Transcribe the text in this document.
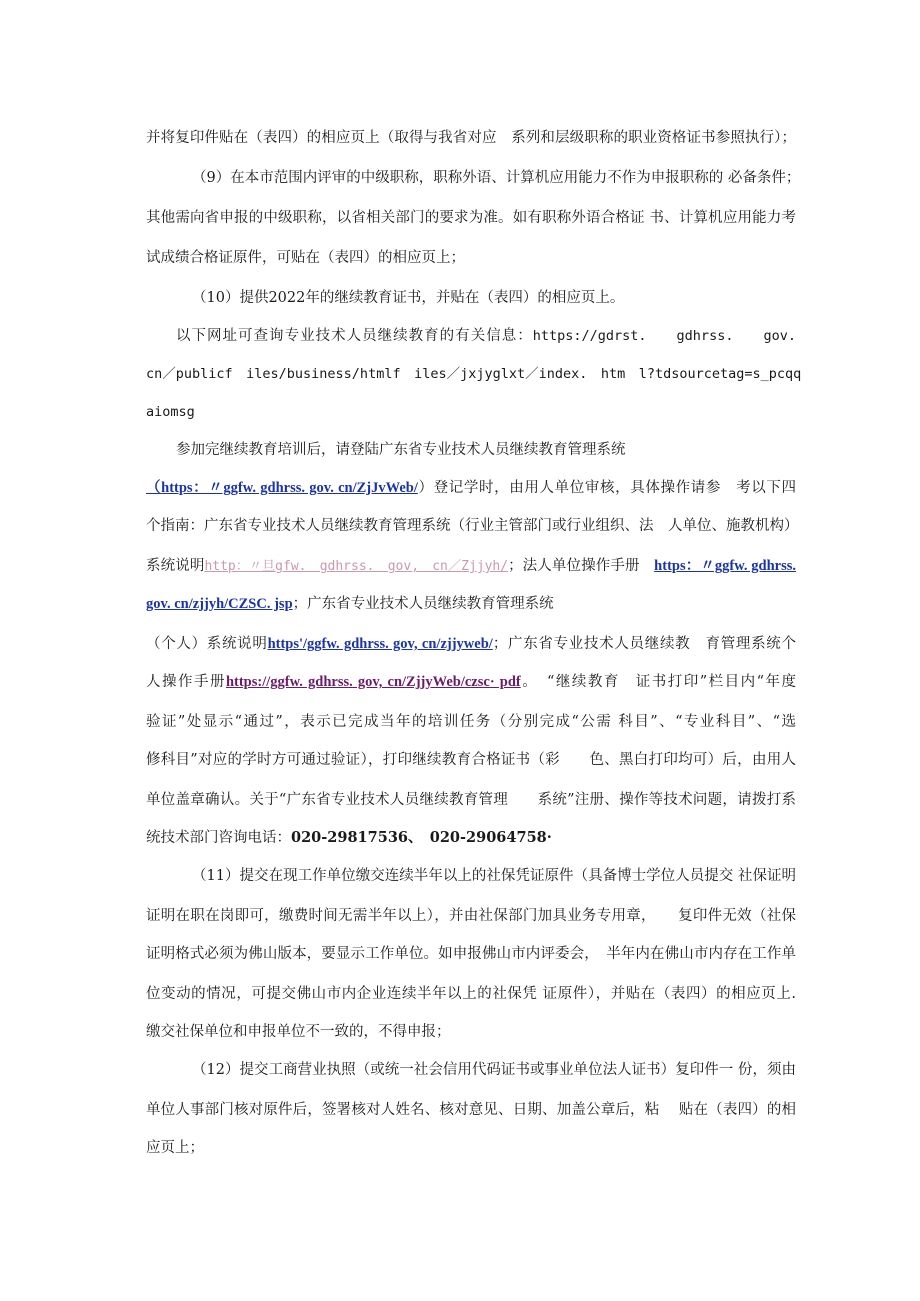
并将复印件贴在（表四）的相应页上（取得与我省对应　系列和层级职称的职业资格证书参照执行）；
（9）在本市范围内评审的中级职称，职称外语、计算机应用能力不作为申报职称的 必备条件；
其他需向省申报的中级职称，以省相关部门的要求为准。如有职称外语合格证 书、计算机应用能力考
试成绩合格证原件，可贴在（表四）的相应页上；
（10）提供2022年的继续教育证书，并贴在（表四）的相应页上。
以下网址可查询专业技术人员继续教育的有关信息：https://gdrst.　　gdhrss.　　gov.
cn／publicf　iles/business/htmlf　iles／jxjyglxt／index.　htm　l?tdsourcetag=s_pcqq
aiomsg
参加完继续教育培训后，请登陆广东省专业技术人员继续教育管理系统
（https：〃ggfw. gdhrss. gov. cn/ZjJvWeb/）登记学时，由用人单位审核，具体操作请参　考以下四
个指南：广东省专业技术人员继续教育管理系统（行业主管部门或行业组织、法　人单位、施教机构）
系统说明http：〃旦gfw.　gdhrss.　gov,　cn／Zjjyh/；法人单位操作手册　https：〃ggfw. gdhrss.
gov. cn/zjjyh/CZSC. jsp；广东省专业技术人员继续教育管理系统
（个人）系统说明https'/ggfw. gdhrss. gov, cn/zjjyweb/；广东省专业技术人员继续教　育管理系统个
人操作手册https://ggfw. gdhrss. gov, cn/ZjjyWeb/czsc· pdf。　“继续教育　证书打印”栏目内“年度
验证”处显示“通过”，表示已完成当年的培训任务（分别完成“公需 科目”、“专业科目”、“选
修科目”对应的学时方可通过验证），打印继续教育合格证书（彩　　色、黑白打印均可）后，由用人
单位盖章确认。关于“广东省专业技术人员继续教育管理　　系统”注册、操作等技术问题，请拨打系
统技术部门咨询电话：020-29817536、　020-29064758·
（11）提交在现工作单位缴交连续半年以上的社保凭证原件（具备博士学位人员提交 社保证明
证明在职在岗即可，缴费时间无需半年以上），并由社保部门加具业务专用章，　　复印件无效（社保
证明格式必须为佛山版本，要显示工作单位。如申报佛山市内评委会，　半年内在佛山市内存在工作单
位变动的情况，可提交佛山市内企业连续半年以上的社保凭 证原件），并贴在（表四）的相应页上.
缴交社保单位和申报单位不一致的，不得申报；
（12）提交工商营业执照（或统一社会信用代码证书或事业单位法人证书）复印件一 份，须由
单位人事部门核对原件后，签署核对人姓名、核对意见、日期、加盖公章后，粘　 贴在（表四）的相
应页上；
